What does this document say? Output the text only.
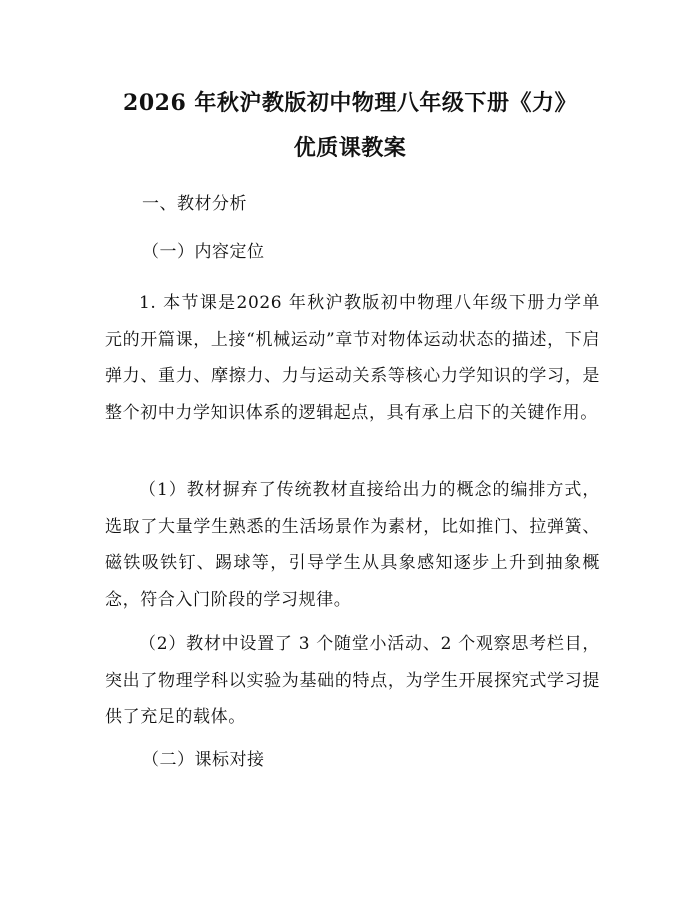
2026 年秋沪教版初中物理八年级下册《力》
优质课教案

一、教材分析

（一）内容定位

1. 本节课是2026 年秋沪教版初中物理八年级下册力学单元的开篇课，上接“机械运动”章节对物体运动状态的描述，下启弹力、重力、摩擦力、力与运动关系等核心力学知识的学习，是整个初中力学知识体系的逻辑起点，具有承上启下的关键作用。

（1）教材摒弃了传统教材直接给出力的概念的编排方式，选取了大量学生熟悉的生活场景作为素材，比如推门、拉弹簧、磁铁吸铁钉、踢球等，引导学生从具象感知逐步上升到抽象概念，符合入门阶段的学习规律。

（2）教材中设置了 3 个随堂小活动、2 个观察思考栏目，突出了物理学科以实验为基础的特点，为学生开展探究式学习提供了充足的载体。

（二）课标对接
